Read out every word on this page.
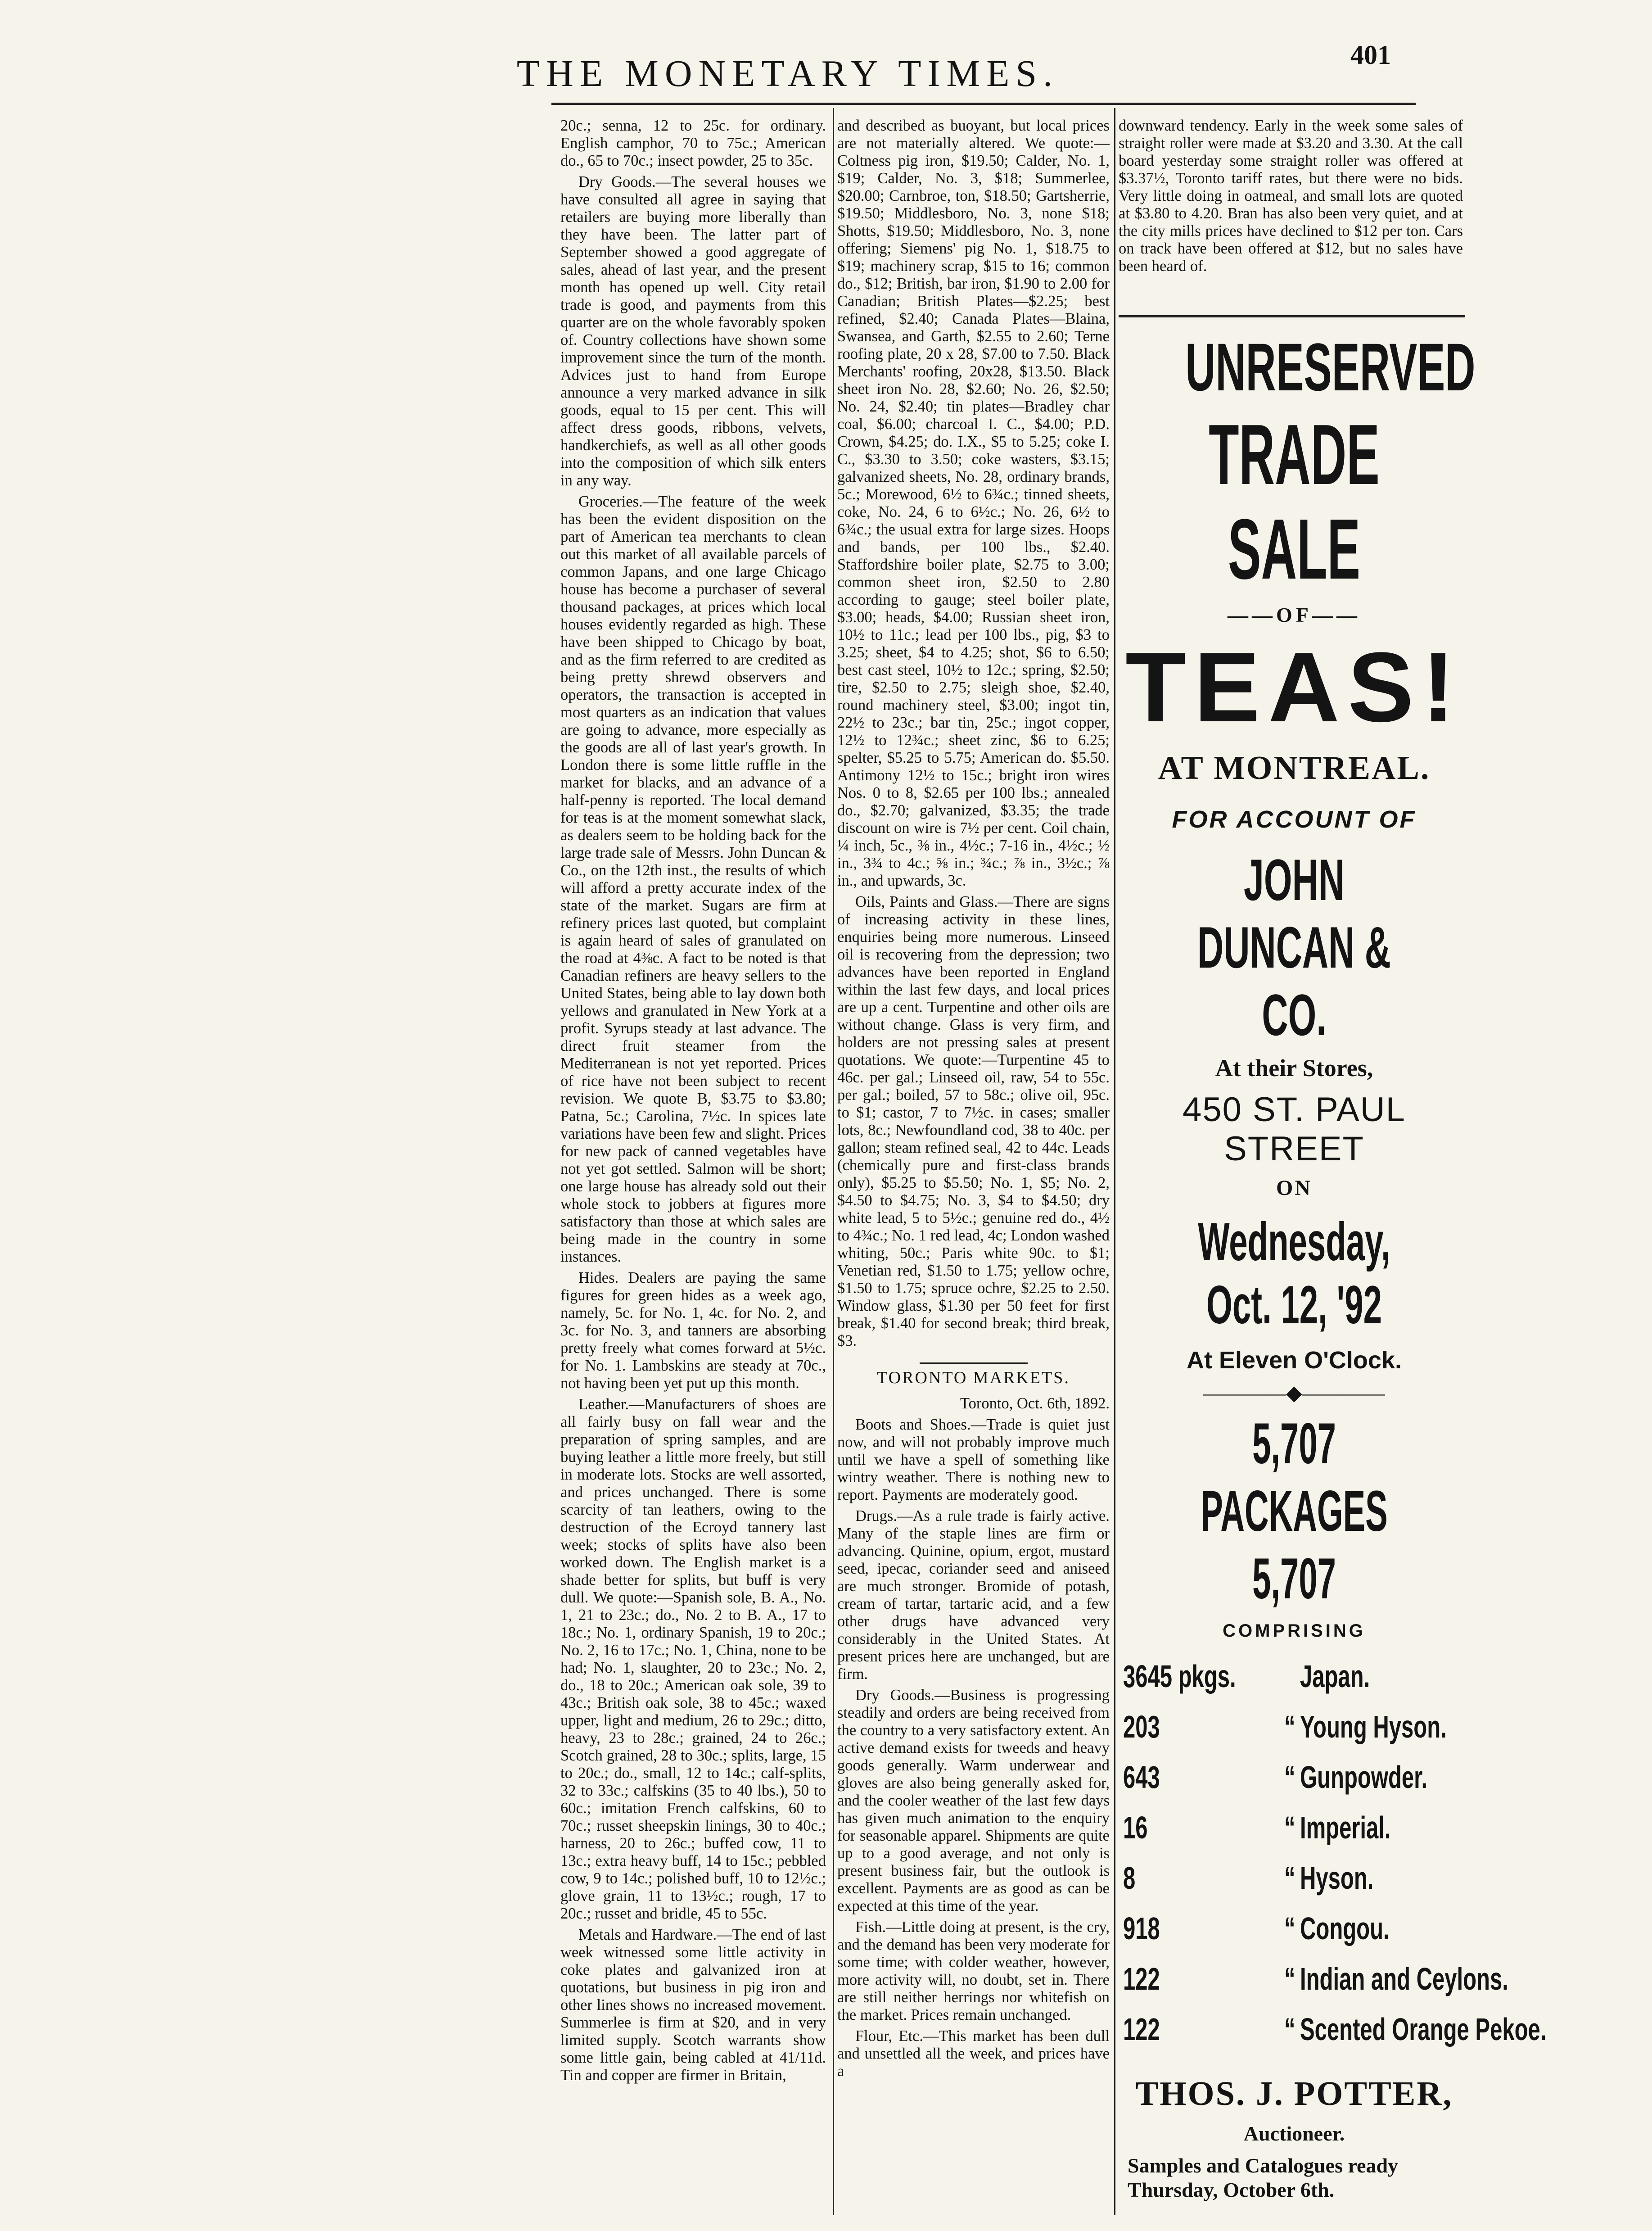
THE MONETARY TIMES.	401

20c.; senna, 12 to 25c. for ordinary. English camphor, 70 to 75c.; American do., 65 to 70c.; insect powder, 25 to 35c.

Dry Goods.—The several houses we have consulted all agree in saying that retailers are buying more liberally than they have been. The latter part of September showed a good aggregate of sales, ahead of last year, and the present month has opened up well. City retail trade is good, and payments from this quarter are on the whole favorably spoken of. Country collections have shown some improvement since the turn of the month. Advices just to hand from Europe announce a very marked advance in silk goods, equal to 15 per cent. This will affect dress goods, ribbons, velvets, handkerchiefs, as well as all other goods into the composition of which silk enters in any way.

Groceries.—The feature of the week has been the evident disposition on the part of American tea merchants to clean out this market of all available parcels of common Japans, and one large Chicago house has become a purchaser of several thousand packages, at prices which local houses evidently regarded as high. These have been shipped to Chicago by boat, and as the firm referred to are credited as being pretty shrewd observers and operators, the transaction is accepted in most quarters as an indication that values are going to advance, more especially as the goods are all of last year's growth. In London there is some little ruffle in the market for blacks, and an advance of a half-penny is reported. The local demand for teas is at the moment somewhat slack, as dealers seem to be holding back for the large trade sale of Messrs. John Duncan & Co., on the 12th inst., the results of which will afford a pretty accurate index of the state of the market. Sugars are firm at refinery prices last quoted, but complaint is again heard of sales of granulated on the road at 4⅜c. A fact to be noted is that Canadian refiners are heavy sellers to the United States, being able to lay down both yellows and granulated in New York at a profit. Syrups steady at last advance. The direct fruit steamer from the Mediterranean is not yet reported. Prices of rice have not been subject to recent revision. We quote B, $3.75 to $3.80; Patna, 5c.; Carolina, 7½c. In spices late variations have been few and slight. Prices for new pack of canned vegetables have not yet got settled. Salmon will be short; one large house has already sold out their whole stock to jobbers at figures more satisfactory than those at which sales are being made in the country in some instances.

Hides. Dealers are paying the same figures for green hides as a week ago, namely, 5c. for No. 1, 4c. for No. 2, and 3c. for No. 3, and tanners are absorbing pretty freely what comes forward at 5½c. for No. 1. Lambskins are steady at 70c., not having been yet put up this month.

Leather.—Manufacturers of shoes are all fairly busy on fall wear and the preparation of spring samples, and are buying leather a little more freely, but still in moderate lots. Stocks are well assorted, and prices unchanged. There is some scarcity of tan leathers, owing to the destruction of the Ecroyd tannery last week; stocks of splits have also been worked down. The English market is a shade better for splits, but buff is very dull. We quote:—Spanish sole, B. A., No. 1, 21 to 23c.; do., No. 2 to B. A., 17 to 18c.; No. 1, ordinary Spanish, 19 to 20c.; No. 2, 16 to 17c.; No. 1, China, none to be had; No. 1, slaughter, 20 to 23c.; No. 2, do., 18 to 20c.; American oak sole, 39 to 43c.; British oak sole, 38 to 45c.; waxed upper, light and medium, 26 to 29c.; ditto, heavy, 23 to 28c.; grained, 24 to 26c.; Scotch grained, 28 to 30c.; splits, large, 15 to 20c.; do., small, 12 to 14c.; calf-splits, 32 to 33c.; calfskins (35 to 40 lbs.), 50 to 60c.; imitation French calfskins, 60 to 70c.; russet sheepskin linings, 30 to 40c.; harness, 20 to 26c.; buffed cow, 11 to 13c.; extra heavy buff, 14 to 15c.; pebbled cow, 9 to 14c.; polished buff, 10 to 12½c.; glove grain, 11 to 13½c.; rough, 17 to 20c.; russet and bridle, 45 to 55c.

Metals and Hardware.—The end of last week witnessed some little activity in coke plates and galvanized iron at quotations, but business in pig iron and other lines shows no increased movement. Summerlee is firm at $20, and in very limited supply. Scotch warrants show some little gain, being cabled at 41/11d. Tin and copper are firmer in Britain,

and described as buoyant, but local prices are not materially altered. We quote:—Coltness pig iron, $19.50; Calder, No. 1, $19; Calder, No. 3, $18; Summerlee, $20.00; Carnbroe, ton, $18.50; Gartsherrie, $19.50; Middlesboro, No. 3, none $18; Shotts, $19.50; Middlesboro, No. 3, none offering; Siemens' pig No. 1, $18.75 to $19; machinery scrap, $15 to 16; common do., $12; British, bar iron, $1.90 to 2.00 for Canadian; British Plates—$2.25; best refined, $2.40; Canada Plates—Blaina, Swansea, and Garth, $2.55 to 2.60; Terne roofing plate, 20 x 28, $7.00 to 7.50. Black Merchants' roofing, 20x28, $13.50. Black sheet iron No. 28, $2.60; No. 26, $2.50; No. 24, $2.40; tin plates—Bradley char coal, $6.00; charcoal I. C., $4.00; P.D. Crown, $4.25; do. I.X., $5 to 5.25; coke I. C., $3.30 to 3.50; coke wasters, $3.15; galvanized sheets, No. 28, ordinary brands, 5c.; Morewood, 6½ to 6¾c.; tinned sheets, coke, No. 24, 6 to 6½c.; No. 26, 6½ to 6¾c.; the usual extra for large sizes. Hoops and bands, per 100 lbs., $2.40. Staffordshire boiler plate, $2.75 to 3.00; common sheet iron, $2.50 to 2.80 according to gauge; steel boiler plate, $3.00; heads, $4.00; Russian sheet iron, 10½ to 11c.; lead per 100 lbs., pig, $3 to 3.25; sheet, $4 to 4.25; shot, $6 to 6.50; best cast steel, 10½ to 12c.; spring, $2.50; tire, $2.50 to 2.75; sleigh shoe, $2.40, round machinery steel, $3.00; ingot tin, 22½ to 23c.; bar tin, 25c.; ingot copper, 12½ to 12¾c.; sheet zinc, $6 to 6.25; spelter, $5.25 to 5.75; American do. $5.50. Antimony 12½ to 15c.; bright iron wires Nos. 0 to 8, $2.65 per 100 lbs.; annealed do., $2.70; galvanized, $3.35; the trade discount on wire is 7½ per cent. Coil chain, ¼ inch, 5c., ⅜ in., 4½c.; 7-16 in., 4½c.; ½ in., 3¾ to 4c.; ⅝ in.; ¾c.; ⅞ in., 3½c.; ⅞ in., and upwards, 3c.

Oils, Paints and Glass.—There are signs of increasing activity in these lines, enquiries being more numerous. Linseed oil is recovering from the depression; two advances have been reported in England within the last few days, and local prices are up a cent. Turpentine and other oils are without change. Glass is very firm, and holders are not pressing sales at present quotations. We quote:—Turpentine 45 to 46c. per gal.; Linseed oil, raw, 54 to 55c. per gal.; boiled, 57 to 58c.; olive oil, 95c. to $1; castor, 7 to 7½c. in cases; smaller lots, 8c.; Newfoundland cod, 38 to 40c. per gallon; steam refined seal, 42 to 44c. Leads (chemically pure and first-class brands only), $5.25 to $5.50; No. 1, $5; No. 2, $4.50 to $4.75; No. 3, $4 to $4.50; dry white lead, 5 to 5½c.; genuine red do., 4½ to 4¾c.; No. 1 red lead, 4c; London washed whiting, 50c.; Paris white 90c. to $1; Venetian red, $1.50 to 1.75; yellow ochre, $1.50 to 1.75; spruce ochre, $2.25 to 2.50. Window glass, $1.30 per 50 feet for first break, $1.40 for second break; third break, $3.

TORONTO MARKETS.

Toronto, Oct. 6th, 1892.

Boots and Shoes.—Trade is quiet just now, and will not probably improve much until we have a spell of something like wintry weather. There is nothing new to report. Payments are moderately good.

Drugs.—As a rule trade is fairly active. Many of the staple lines are firm or advancing. Quinine, opium, ergot, mustard seed, ipecac, coriander seed and aniseed are much stronger. Bromide of potash, cream of tartar, tartaric acid, and a few other drugs have advanced very considerably in the United States. At present prices here are unchanged, but are firm.

Dry Goods.—Business is progressing steadily and orders are being received from the country to a very satisfactory extent. An active demand exists for tweeds and heavy goods generally. Warm underwear and gloves are also being generally asked for, and the cooler weather of the last few days has given much animation to the enquiry for seasonable apparel. Shipments are quite up to a good average, and not only is present business fair, but the outlook is excellent. Payments are as good as can be expected at this time of the year.

Fish.—Little doing at present, is the cry, and the demand has been very moderate for some time; with colder weather, however, more activity will, no doubt, set in. There are still neither herrings nor whitefish on the market. Prices remain unchanged.

Flour, Etc.—This market has been dull and unsettled all the week, and prices have a

downward tendency. Early in the week some sales of straight roller were made at $3.20 and 3.30. At the call board yesterday some straight roller was offered at $3.37½, Toronto tariff rates, but there were no bids. Very little doing in oatmeal, and small lots are quoted at $3.80 to 4.20. Bran has also been very quiet, and at the city mills prices have declined to $12 per ton. Cars on track have been offered at $12, but no sales have been heard of.

UNRESERVED
TRADE SALE
——OF——
TEAS!
AT MONTREAL.
FOR ACCOUNT OF
JOHN DUNCAN & CO.
At their Stores,
450 ST. PAUL STREET
ON
Wednesday, Oct. 12, '92
At Eleven O'Clock.
————◆————
5,707 PACKAGES 5,707
COMPRISING
3645 pkgs.		Japan.
203	“	Young Hyson.
643	“	Gunpowder.
16	“	Imperial.
8	“	Hyson.
918	“	Congou.
122	“	Indian and Ceylons.
122	“	Scented Orange Pekoe.
THOS. J. POTTER,
Auctioneer.
Samples and Catalogues ready Thursday, October 6th.
